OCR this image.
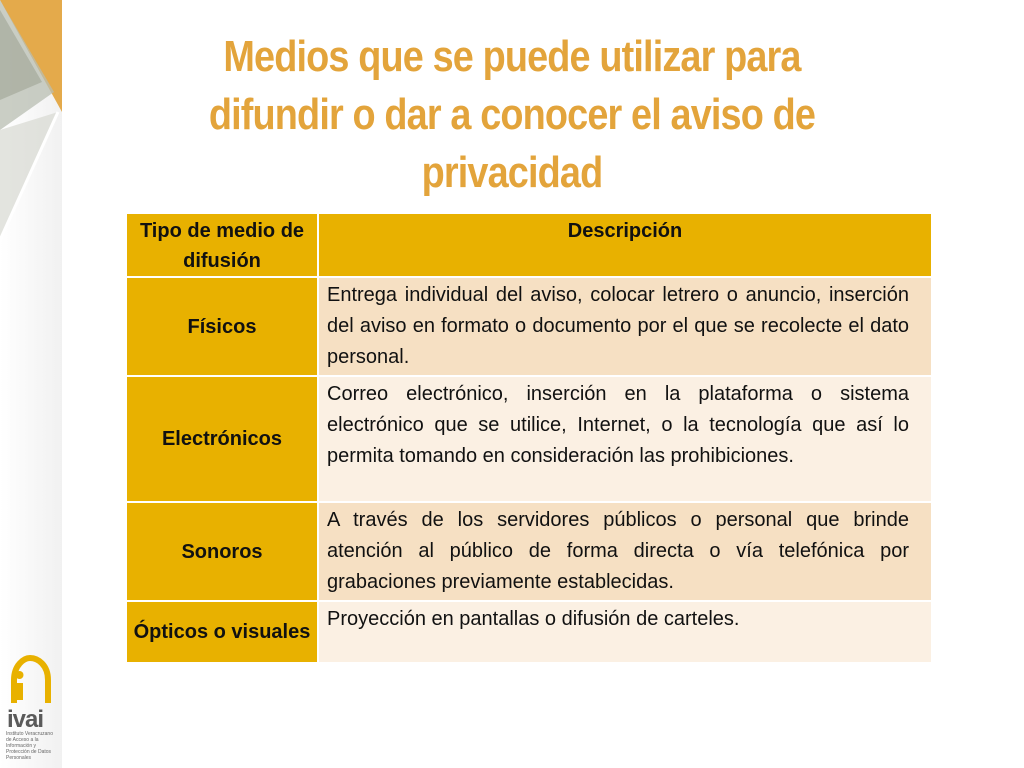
Medios que se puede utilizar para difundir o dar a conocer el aviso de privacidad
Tipo de medio de difusión	Descripción
Físicos	Entrega individual del aviso, colocar letrero o anuncio, inserción del aviso en formato o documento por el que se recolecte el dato personal.
Electrónicos	Correo electrónico, inserción en la plataforma o sistema electrónico que se utilice, Internet, o la tecnología que así lo permita tomando en consideración las prohibiciones.
Sonoros	A través de los servidores públicos o personal que brinde atención al público de forma directa o vía telefónica por grabaciones previamente establecidas.
Ópticos o visuales	Proyección en pantallas o difusión de carteles.
ivai
Instituto Veracruzano de Acceso a la Información y Protección de Datos Personales
